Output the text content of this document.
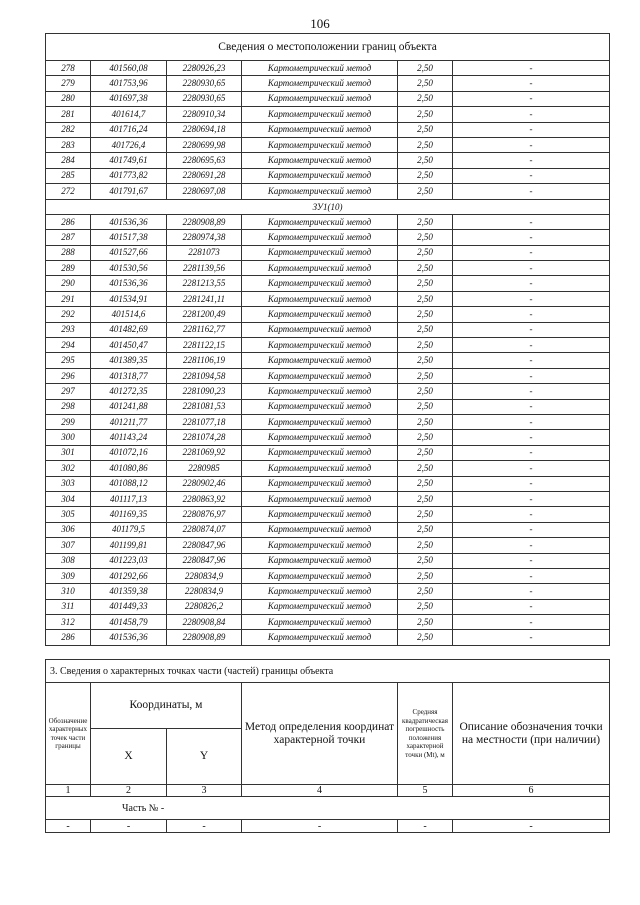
106
Сведения о местоположении границ объекта					
278	401560,08	2280926,23	Картометрический метод	2,50	-
279	401753,96	2280930,65	Картометрический метод	2,50	-
280	401697,38	2280930,65	Картометрический метод	2,50	-
281	401614,7	2280910,34	Картометрический метод	2,50	-
282	401716,24	2280694,18	Картометрический метод	2,50	-
283	401726,4	2280699,98	Картометрический метод	2,50	-
284	401749,61	2280695,63	Картометрический метод	2,50	-
285	401773,82	2280691,28	Картометрический метод	2,50	-
272	401791,67	2280697,08	Картометрический метод	2,50	-
ЗУ1(10)					
286	401536,36	2280908,89	Картометрический метод	2,50	-
287	401517,38	2280974,38	Картометрический метод	2,50	-
288	401527,66	2281073	Картометрический метод	2,50	-
289	401530,56	2281139,56	Картометрический метод	2,50	-
290	401536,36	2281213,55	Картометрический метод	2,50	-
291	401534,91	2281241,11	Картометрический метод	2,50	-
292	401514,6	2281200,49	Картометрический метод	2,50	-
293	401482,69	2281162,77	Картометрический метод	2,50	-
294	401450,47	2281122,15	Картометрический метод	2,50	-
295	401389,35	2281106,19	Картометрический метод	2,50	-
296	401318,77	2281094,58	Картометрический метод	2,50	-
297	401272,35	2281090,23	Картометрический метод	2,50	-
298	401241,88	2281081,53	Картометрический метод	2,50	-
299	401211,77	2281077,18	Картометрический метод	2,50	-
300	401143,24	2281074,28	Картометрический метод	2,50	-
301	401072,16	2281069,92	Картометрический метод	2,50	-
302	401080,86	2280985	Картометрический метод	2,50	-
303	401088,12	2280902,46	Картометрический метод	2,50	-
304	401117,13	2280863,92	Картометрический метод	2,50	-
305	401169,35	2280876,97	Картометрический метод	2,50	-
306	401179,5	2280874,07	Картометрический метод	2,50	-
307	401199,81	2280847,96	Картометрический метод	2,50	-
308	401223,03	2280847,96	Картометрический метод	2,50	-
309	401292,66	2280834,9	Картометрический метод	2,50	-
310	401359,38	2280834,9	Картометрический метод	2,50	-
311	401449,33	2280826,2	Картометрический метод	2,50	-
312	401458,79	2280908,84	Картометрический метод	2,50	-
286	401536,36	2280908,89	Картометрический метод	2,50	-
3. Сведения о характерных точках части (частей) границы объекта					
Обозначение характерных точек части границы	Координаты, м		Метод определения координат характерной точки	Средняя квадратическая погрешность положения характерной точки (Мt), м	Описание обозначения точки на местности (при наличии)
	X	Y			
1	2	3	4	5	6
Часть № -					
-	-	-	-	-	-
